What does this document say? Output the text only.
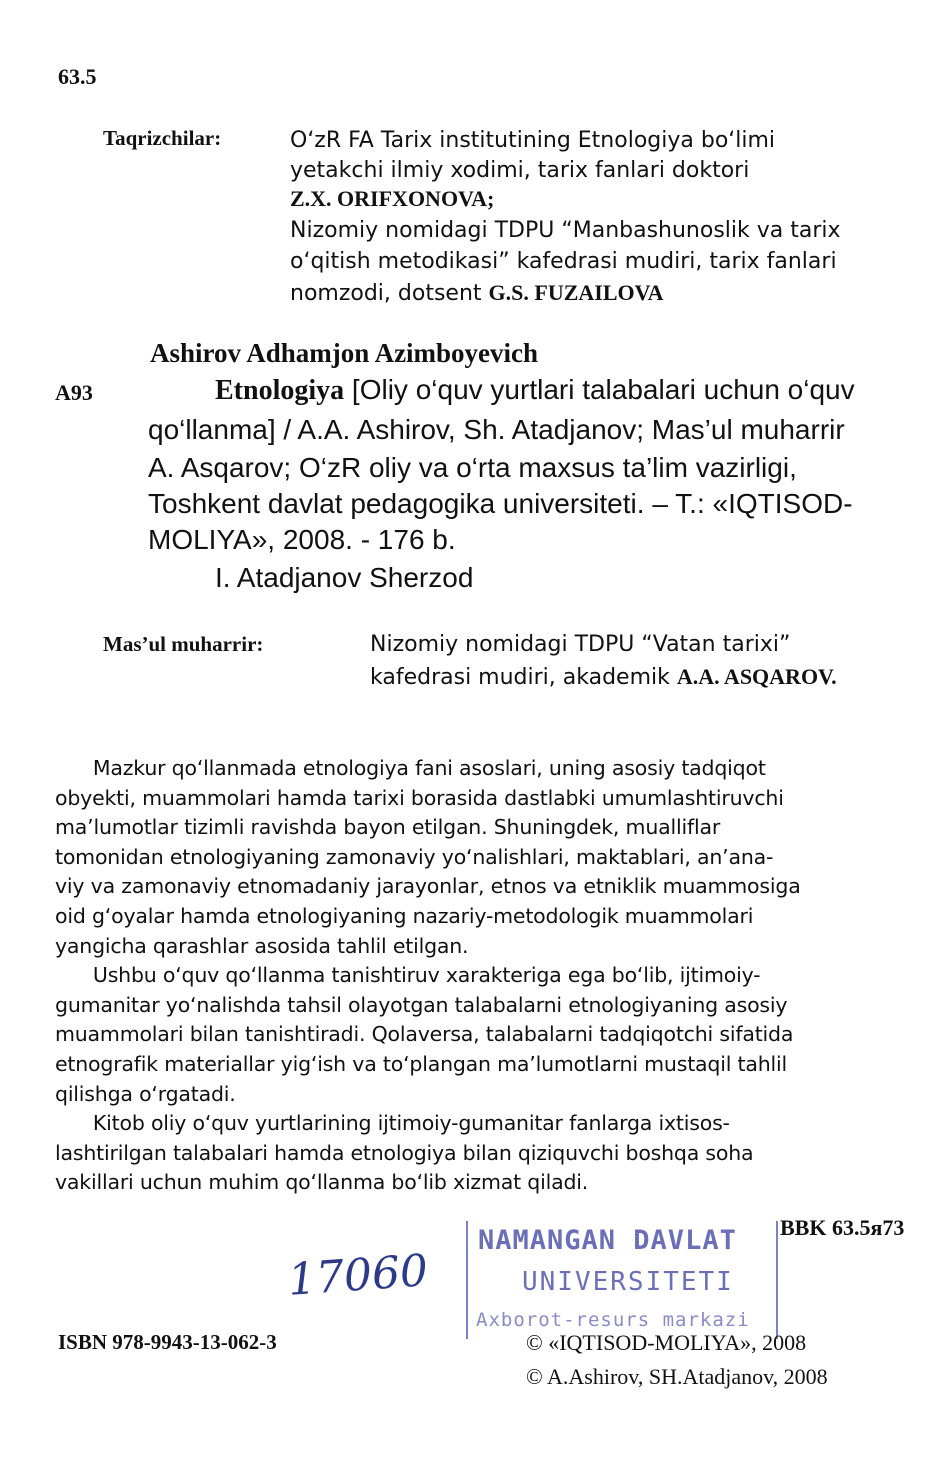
63.5
Taqrizchilar:	O‘zR FA Tarix institutining Etnologiya bo‘limi
yetakchi ilmiy xodimi, tarix fanlari doktori
Z.X. ORIFXONOVA;
Nizomiy nomidagi TDPU “Manbashunoslik va tarix
o‘qitish metodikasi” kafedrasi mudiri, tarix fanlari
nomzodi, dotsent G.S. FUZAILOVA
Ashirov Adhamjon Azimboyevich
A93	Etnologiya [Oliy o‘quv yurtlari talabalari uchun o‘quv
qo‘llanma] / A.A. Ashirov, Sh. Atadjanov; Mas’ul muharrir
A. Asqarov; O‘zR oliy va o‘rta maxsus ta’lim vazirligi,
Toshkent davlat pedagogika universiteti. – T.: «IQTISOD-
MOLIYA», 2008. - 176 b.
I. Atadjanov Sherzod
Mas’ul muharrir:	Nizomiy nomidagi TDPU “Vatan tarixi”
kafedrasi mudiri, akademik A.A. ASQAROV.
Mazkur qo‘llanmada etnologiya fani asoslari, uning asosiy tadqiqot
obyekti, muammolari hamda tarixi borasida dastlabki umumlashtiruvchi
ma’lumotlar tizimli ravishda bayon etilgan. Shuningdek, mualliflar
tomonidan etnologiyaning zamonaviy yo‘nalishlari, maktablari, an’ana-
viy va zamonaviy etnomadaniy jarayonlar, etnos va etniklik muammosiga
oid g‘oyalar hamda etnologiyaning nazariy-metodologik muammolari
yangicha qarashlar asosida tahlil etilgan.
Ushbu o‘quv qo‘llanma tanishtiruv xarakteriga ega bo‘lib, ijtimoiy-
gumanitar yo‘nalishda tahsil olayotgan talabalarni etnologiyaning asosiy
muammolari bilan tanishtiradi. Qolaversa, talabalarni tadqiqotchi sifatida
etnografik materiallar yig‘ish va to‘plangan ma’lumotlarni mustaqil tahlil
qilishga o‘rgatadi.
Kitob oliy o‘quv yurtlarining ijtimoiy-gumanitar fanlarga ixtisos-
lashtirilgan talabalari hamda etnologiya bilan qiziquvchi boshqa soha
vakillari uchun muhim qo‘llanma bo‘lib xizmat qiladi.
17060
NAMANGAN DAVLAT
UNIVERSITETI
Axborot-resurs markazi
BBK 63.5я73
ISBN 978-9943-13-062-3	© «IQTISOD-MOLIYA», 2008
© A.Ashirov, SH.Atadjanov, 2008
